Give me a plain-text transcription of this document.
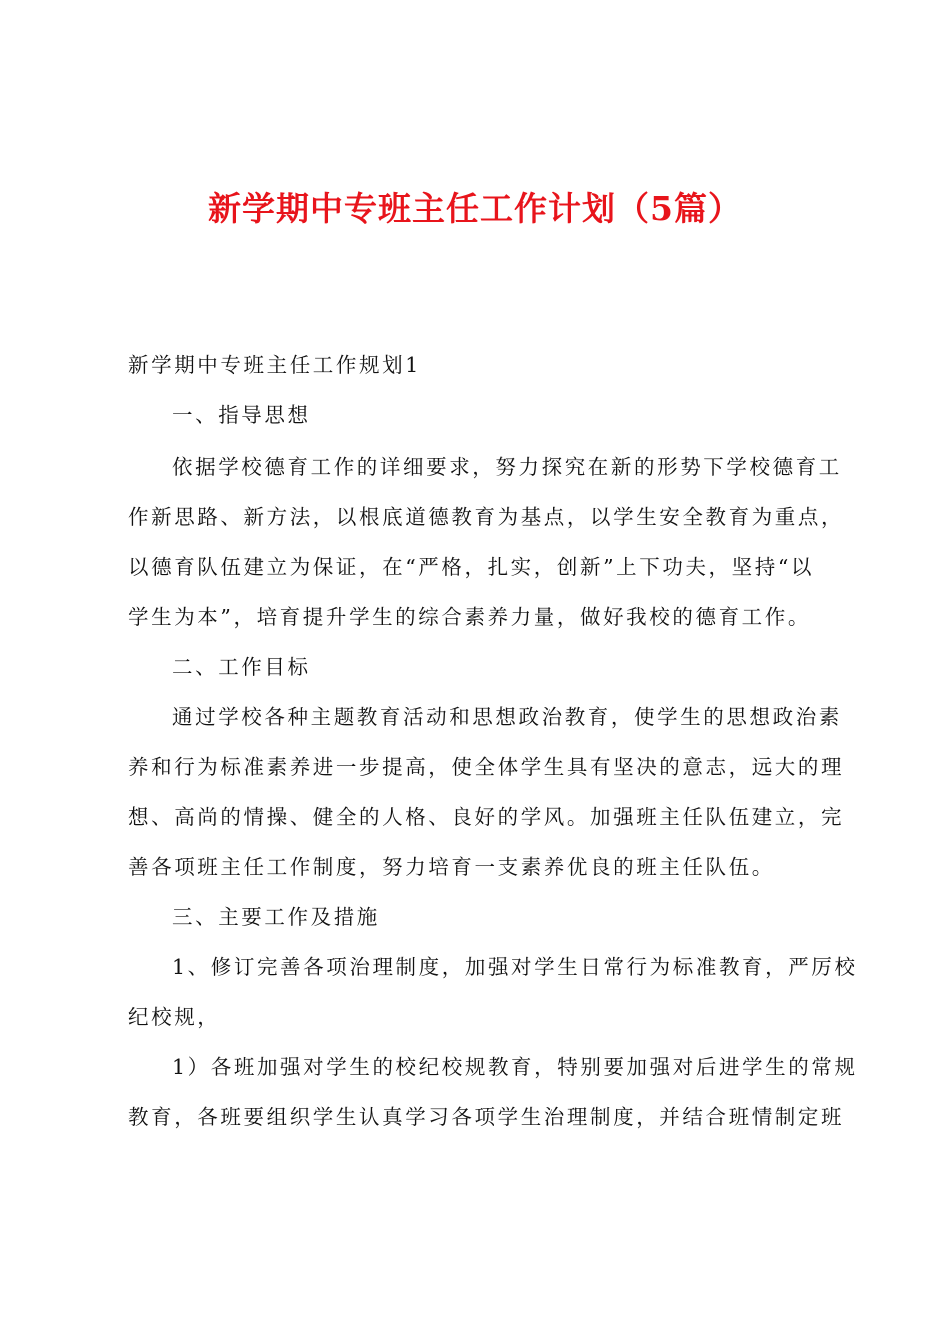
新学期中专班主任工作计划（5篇）
新学期中专班主任工作规划1
一、指导思想
依据学校德育工作的详细要求，努力探究在新的形势下学校德育工
作新思路、新方法，以根底道德教育为基点，以学生安全教育为重点，
以德育队伍建立为保证，在“严格，扎实，创新”上下功夫，坚持“以
学生为本”，培育提升学生的综合素养力量，做好我校的德育工作。
二、工作目标
通过学校各种主题教育活动和思想政治教育，使学生的思想政治素
养和行为标准素养进一步提高，使全体学生具有坚决的意志，远大的理
想、高尚的情操、健全的人格、良好的学风。加强班主任队伍建立，完
善各项班主任工作制度，努力培育一支素养优良的班主任队伍。
三、主要工作及措施
1、修订完善各项治理制度，加强对学生日常行为标准教育，严厉校
纪校规，
1）各班加强对学生的校纪校规教育，特别要加强对后进学生的常规
教育，各班要组织学生认真学习各项学生治理制度，并结合班情制定班
